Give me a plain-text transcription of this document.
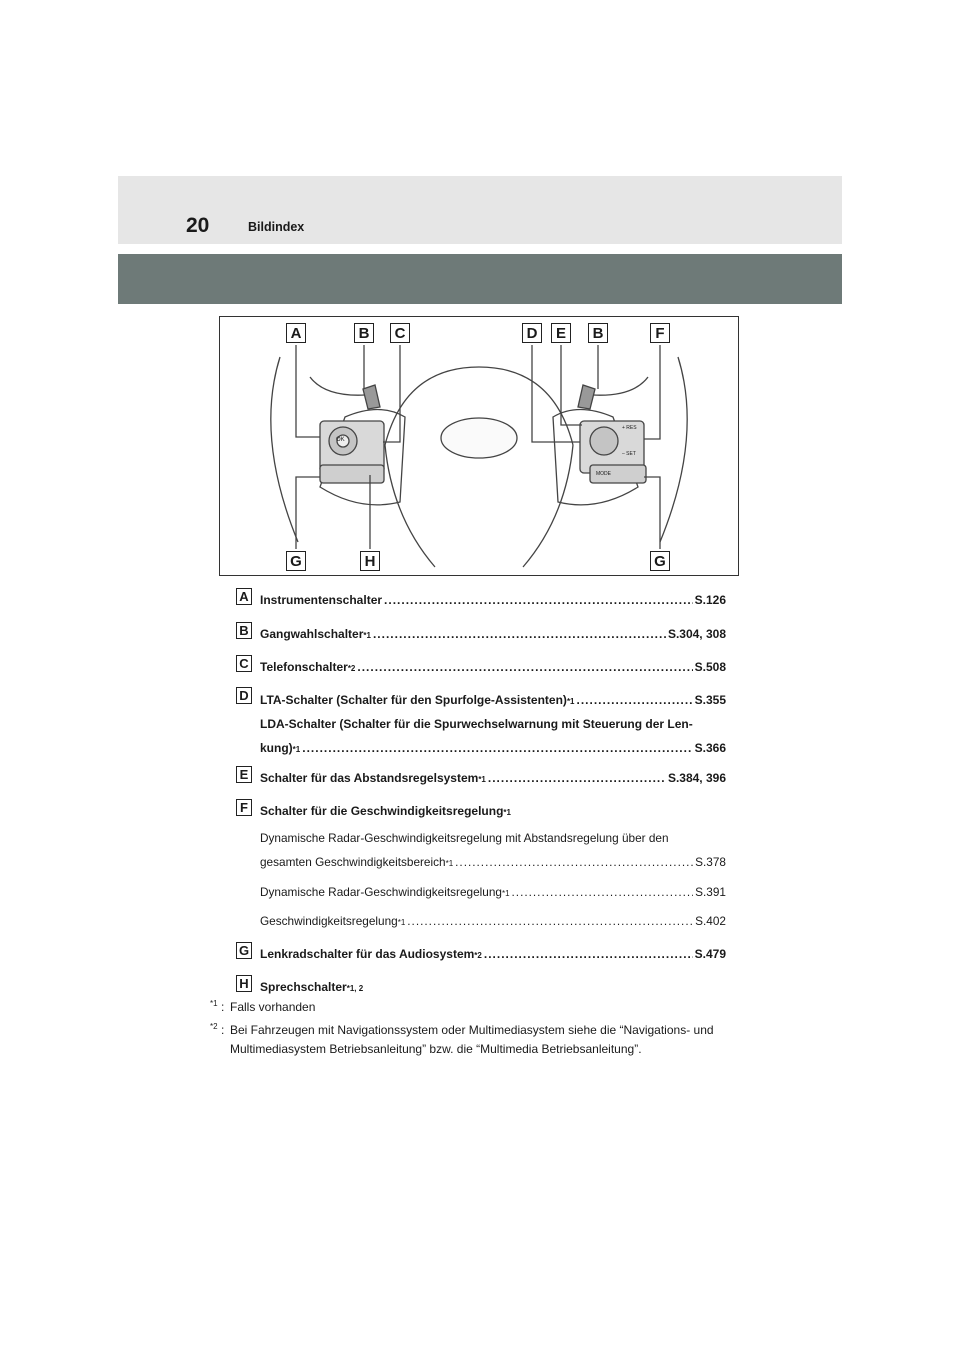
20	Bildindex
A	B	C	D	E	B	F
G	H	G
OK
+ RES
– SET
MODE
A Instrumentenschalter .....	S.126
B Gangwahlschalter *1 .....	S.304, 308
C Telefonschalter *2 .....	S.508
D LTA-Schalter (Schalter für den Spurfolge-Assistenten) *1 .....	S.355
LDA-Schalter (Schalter für die Spurwechselwarnung mit Steuerung der Len-
kung) *1 .....	S.366
E Schalter für das Abstandsregelsystem *1 .....	S.384, 396
F	Schalter für die Geschwindigkeitsregelung *1
Dynamische Radar-Geschwindigkeitsregelung mit Abstandsregelung über den
gesamten Geschwindigkeitsbereich *1 .....	S.378
Dynamische Radar-Geschwindigkeitsregelung *1 .....	S.391
Geschwindigkeitsregelung *1 .....	S.402
G Lenkradschalter für das Audiosystem *2 .....	S.479
H Sprechschalter *1, 2
*1 : Falls vorhanden
*2 : Bei Fahrzeugen mit Navigationssystem oder Multimediasystem siehe die “Navigations- und Multimediasystem Betriebsanleitung” bzw. die “Multimedia Betriebsanleitung”.
